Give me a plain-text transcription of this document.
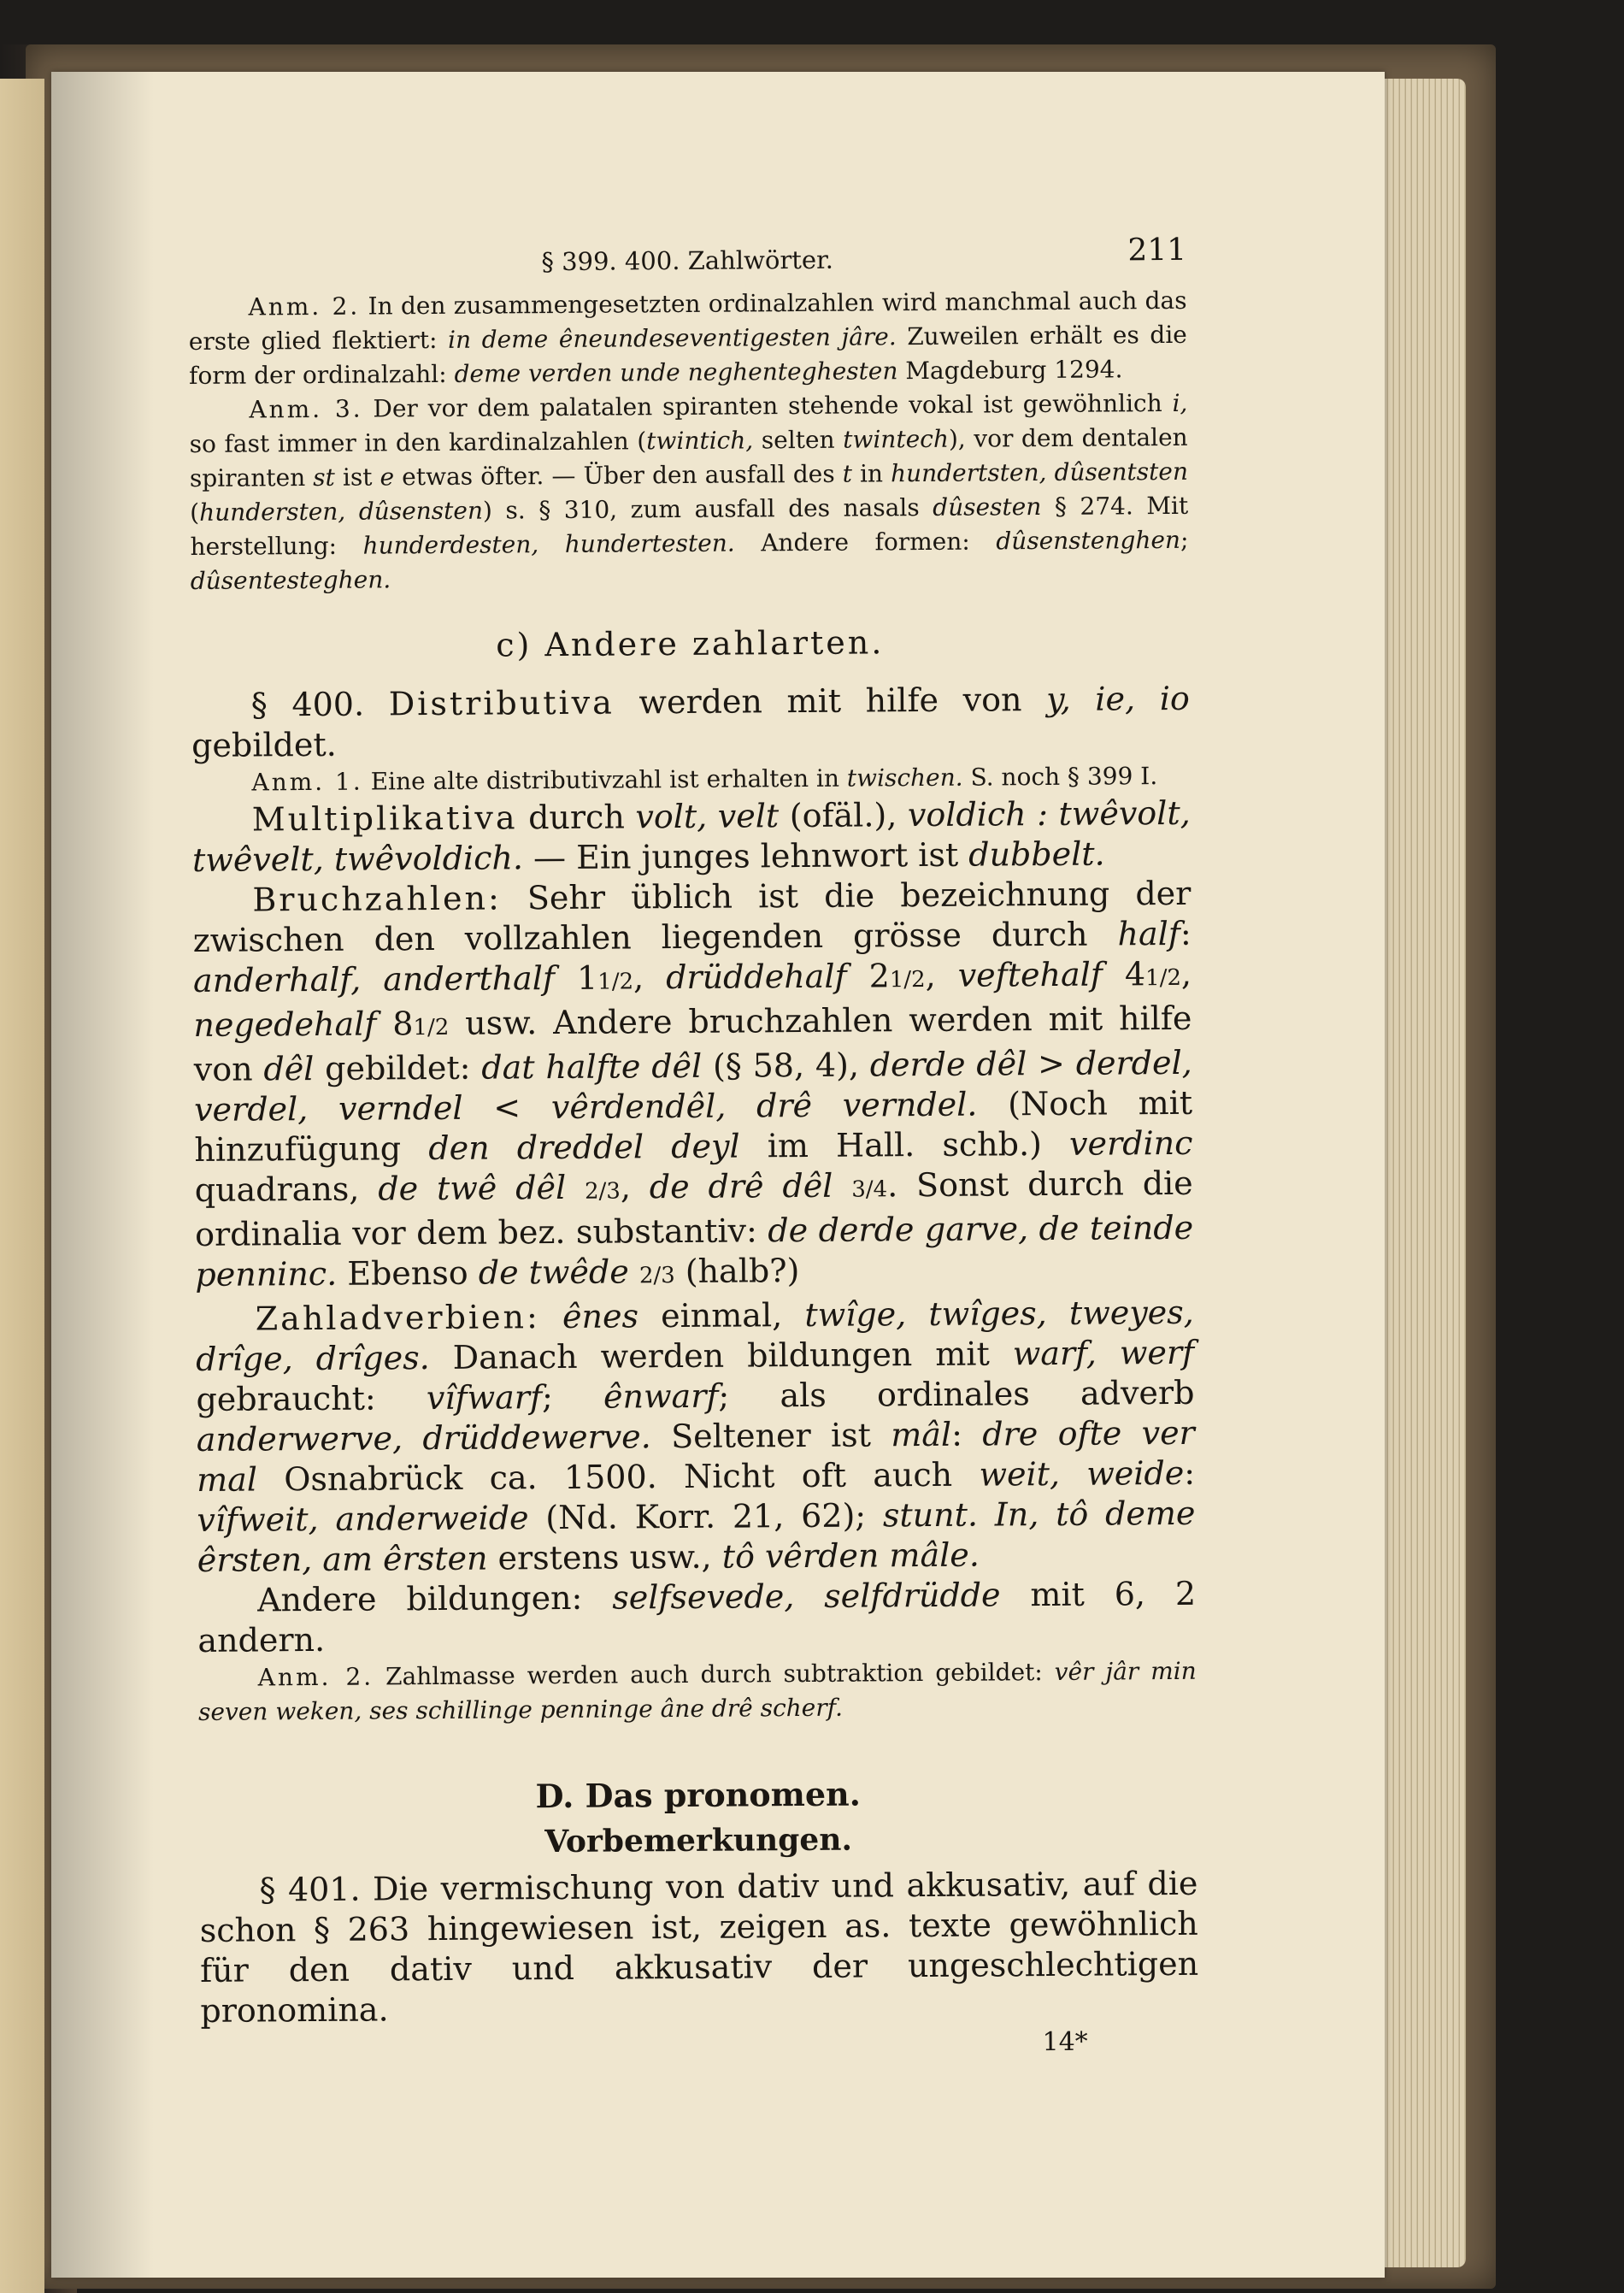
§ 399. 400. Zahlwörter.	211

Anm. 2. In den zusammengesetzten ordinalzahlen wird manchmal auch das erste glied flektiert: in deme êneundeseventigesten jâre. Zuweilen erhält es die form der ordinalzahl: deme verden unde neghenteghesten Magdeburg 1294.

Anm. 3. Der vor dem palatalen spiranten stehende vokal ist gewöhnlich i, so fast immer in den kardinalzahlen (twintich, selten twintech), vor dem dentalen spiranten st ist e etwas öfter. — Über den ausfall des t in hundertsten, dûsentsten (hundersten, dûsensten) s. § 310, zum ausfall des nasals dûsesten § 274. Mit herstellung: hunderdesten, hundertesten. Andere formen: dûsenstenghen; dûsentesteghen.

c) Andere zahlarten.

§ 400. Distributiva werden mit hilfe von y, ie, io gebildet.

Anm. 1. Eine alte distributivzahl ist erhalten in twischen. S. noch § 399 I.

Multiplikativa durch volt, velt (ofäl.), voldich : twêvolt, twêvelt, twêvoldich. — Ein junges lehnwort ist dubbelt.

Bruchzahlen: Sehr üblich ist die bezeichnung der zwischen den vollzahlen liegenden grösse durch half: anderhalf, anderthalf 11/2, drüddehalf 21/2, veftehalf 41/2, negedehalf 81/2 usw. Andere bruchzahlen werden mit hilfe von dêl gebildet: dat halfte dêl (§ 58, 4), derde dêl > derdel, verdel, verndel < vêrdendêl, drê verndel. (Noch mit hinzufügung den dreddel deyl im Hall. schb.) verdinc quadrans, de twê dêl 2/3, de drê dêl 3/4. Sonst durch die ordinalia vor dem bez. substantiv: de derde garve, de teinde penninc. Ebenso de twêde 2/3 (halb?)

Zahladverbien: ênes einmal, twîge, twîges, tweyes, drîge, drîges. Danach werden bildungen mit warf, werf gebraucht: vîfwarf; ênwarf; als ordinales adverb anderwerve, drüddewerve. Seltener ist mâl: dre ofte ver mal Osnabrück ca. 1500. Nicht oft auch weit, weide: vîfweit, anderweide (Nd. Korr. 21, 62); stunt. In, tô deme êrsten, am êrsten erstens usw., tô vêrden mâle.

Andere bildungen: selfsevede, selfdrüdde mit 6, 2 andern.

Anm. 2. Zahlmasse werden auch durch subtraktion gebildet: vêr jâr min seven weken, ses schillinge penninge âne drê scherf.

D. Das pronomen.
Vorbemerkungen.

§ 401. Die vermischung von dativ und akkusativ, auf die schon § 263 hingewiesen ist, zeigen as. texte gewöhnlich für den dativ und akkusativ der ungeschlechtigen pronomina.

14*
